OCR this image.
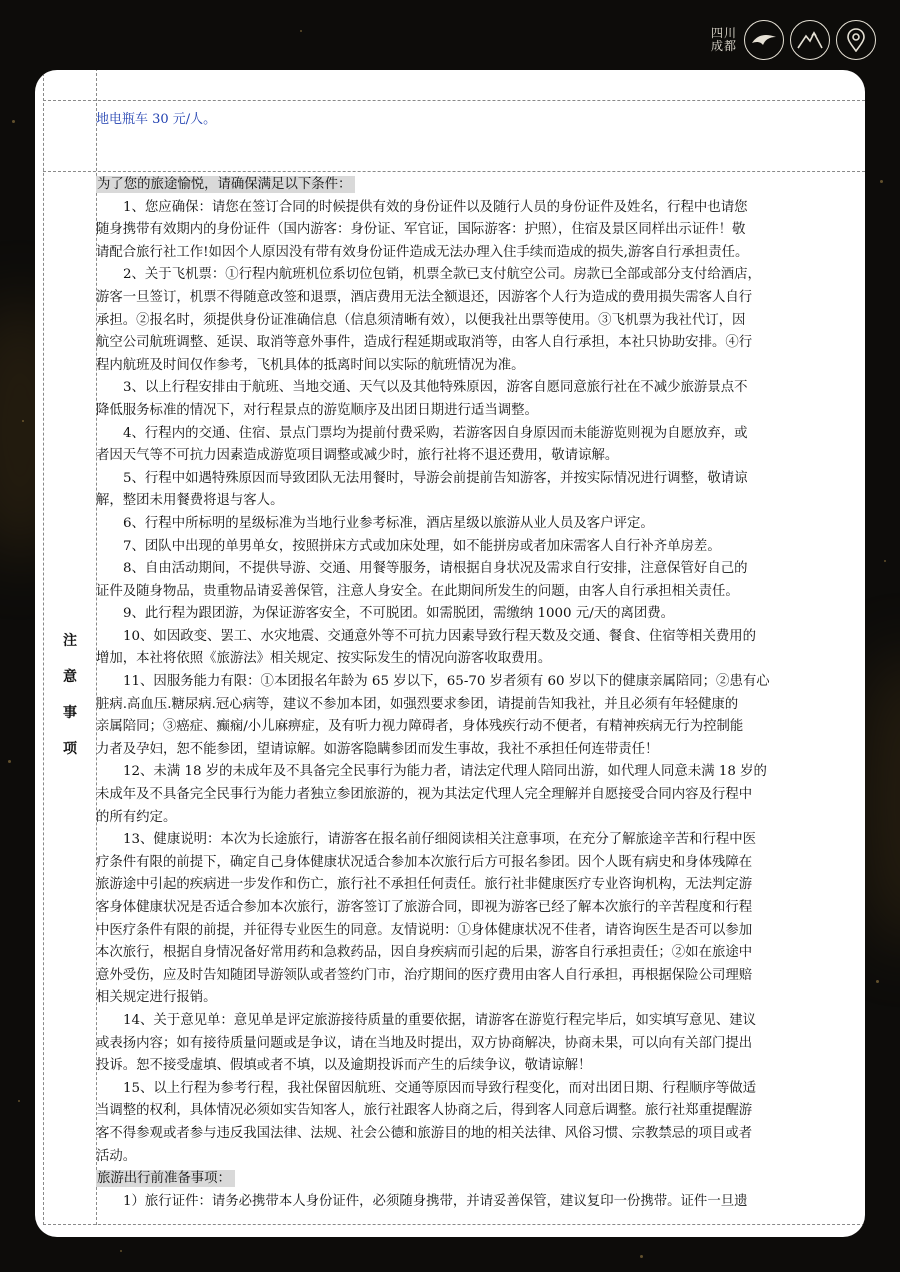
四川
成都
地电瓶车 30 元/人。
注
意
事
项
为了您的旅途愉悦，请确保满足以下条件：
1、您应确保：请您在签订合同的时候提供有效的身份证件以及随行人员的身份证件及姓名，行程中也请您
随身携带有效期内的身份证件（国内游客：身份证、军官证，国际游客：护照），住宿及景区同样出示证件！敬
请配合旅行社工作!如因个人原因没有带有效身份证件造成无法办理入住手续而造成的损失,游客自行承担责任。
2、关于飞机票：①行程内航班机位系切位包销，机票全款已支付航空公司。房款已全部或部分支付给酒店，
游客一旦签订，机票不得随意改签和退票，酒店费用无法全额退还，因游客个人行为造成的费用损失需客人自行
承担。②报名时，须提供身份证准确信息（信息须清晰有效），以便我社出票等使用。③飞机票为我社代订，因
航空公司航班调整、延误、取消等意外事件，造成行程延期或取消等，由客人自行承担，本社只协助安排。④行
程内航班及时间仅作参考，飞机具体的抵离时间以实际的航班情况为准。
3、以上行程安排由于航班、当地交通、天气以及其他特殊原因，游客自愿同意旅行社在不减少旅游景点不
降低服务标准的情况下，对行程景点的游览顺序及出团日期进行适当调整。
4、行程内的交通、住宿、景点门票均为提前付费采购，若游客因自身原因而未能游览则视为自愿放弃，或
者因天气等不可抗力因素造成游览项目调整或减少时，旅行社将不退还费用，敬请谅解。
5、行程中如遇特殊原因而导致团队无法用餐时，导游会前提前告知游客，并按实际情况进行调整，敬请谅
解，整团未用餐费将退与客人。
6、行程中所标明的星级标准为当地行业参考标准，酒店星级以旅游从业人员及客户评定。
7、团队中出现的单男单女，按照拼床方式或加床处理，如不能拼房或者加床需客人自行补齐单房差。
8、自由活动期间，不提供导游、交通、用餐等服务，请根据自身状况及需求自行安排，注意保管好自己的
证件及随身物品，贵重物品请妥善保管，注意人身安全。在此期间所发生的问题，由客人自行承担相关责任。
9、此行程为跟团游，为保证游客安全，不可脱团。如需脱团，需缴纳 1000 元/天的离团费。
10、如因政变、罢工、水灾地震、交通意外等不可抗力因素导致行程天数及交通、餐食、住宿等相关费用的
增加，本社将依照《旅游法》相关规定、按实际发生的情况向游客收取费用。
11、因服务能力有限：①本团报名年龄为 65 岁以下，65-70 岁者须有 60 岁以下的健康亲属陪同；②患有心
脏病.高血压.糖尿病.冠心病等，建议不参加本团，如强烈要求参团，请提前告知我社，并且必须有年轻健康的
亲属陪同；③癌症、癫痫/小儿麻痹症，及有听力视力障碍者，身体残疾行动不便者，有精神疾病无行为控制能
力者及孕妇，恕不能参团，望请谅解。如游客隐瞒参团而发生事故，我社不承担任何连带责任！
12、未满 18 岁的未成年及不具备完全民事行为能力者，请法定代理人陪同出游，如代理人同意未满 18 岁的
未成年及不具备完全民事行为能力者独立参团旅游的，视为其法定代理人完全理解并自愿接受合同内容及行程中
的所有约定。
13、健康说明：本次为长途旅行，请游客在报名前仔细阅读相关注意事项，在充分了解旅途辛苦和行程中医
疗条件有限的前提下，确定自己身体健康状况适合参加本次旅行后方可报名参团。因个人既有病史和身体残障在
旅游途中引起的疾病进一步发作和伤亡，旅行社不承担任何责任。旅行社非健康医疗专业咨询机构，无法判定游
客身体健康状况是否适合参加本次旅行，游客签订了旅游合同，即视为游客已经了解本次旅行的辛苦程度和行程
中医疗条件有限的前提，并征得专业医生的同意。友情说明：①身体健康状况不佳者，请咨询医生是否可以参加
本次旅行，根据自身情况备好常用药和急救药品，因自身疾病而引起的后果，游客自行承担责任；②如在旅途中
意外受伤，应及时告知随团导游领队或者签约门市，治疗期间的医疗费用由客人自行承担，再根据保险公司理赔
相关规定进行报销。
14、关于意见单：意见单是评定旅游接待质量的重要依据，请游客在游览行程完毕后，如实填写意见、建议
或表扬内容；如有接待质量问题或是争议，请在当地及时提出，双方协商解决，协商未果，可以向有关部门提出
投诉。恕不接受虚填、假填或者不填，以及逾期投诉而产生的后续争议，敬请谅解！
15、以上行程为参考行程，我社保留因航班、交通等原因而导致行程变化，而对出团日期、行程顺序等做适
当调整的权利，具体情况必须如实告知客人，旅行社跟客人协商之后，得到客人同意后调整。旅行社郑重提醒游
客不得参观或者参与违反我国法律、法规、社会公德和旅游目的地的相关法律、风俗习惯、宗教禁忌的项目或者
活动。
旅游出行前准备事项：
1）旅行证件：请务必携带本人身份证件，必须随身携带，并请妥善保管，建议复印一份携带。证件一旦遗
